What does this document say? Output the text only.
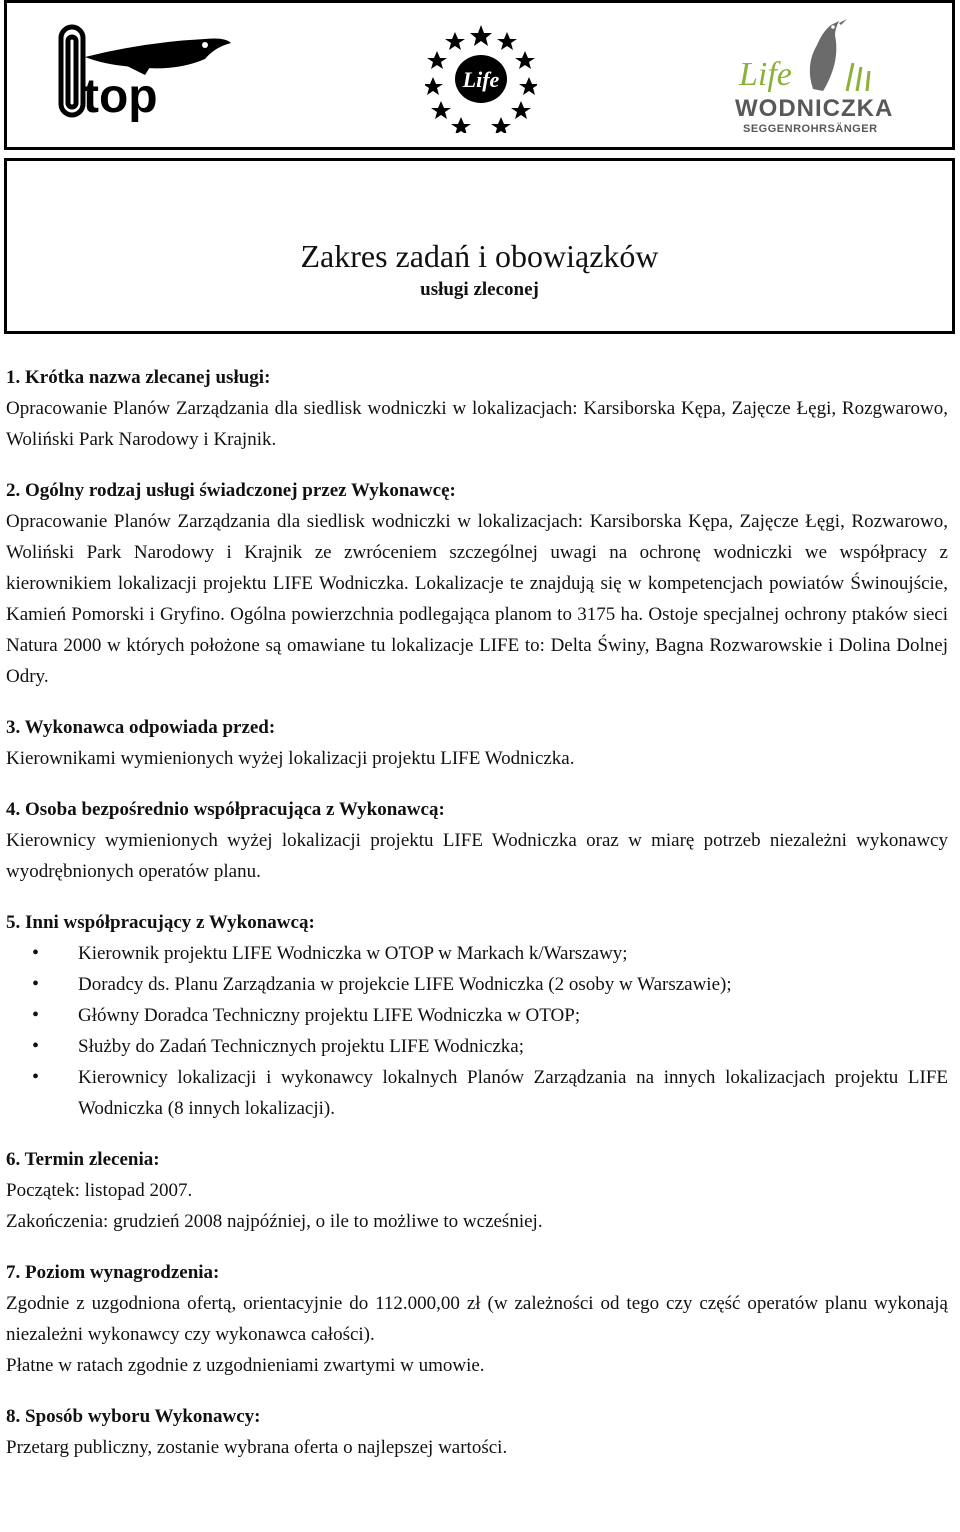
top	Life	Life
WODNICZKA
SEGGENROHRSÄNGER
Zakres zadań i obowiązków
usługi zleconej

1. Krótka nazwa zlecanej usługi:

Opracowanie Planów Zarządzania dla siedlisk wodniczki w lokalizacjach: Karsiborska Kępa, Zajęcze Łęgi, Rozgwarowo, Woliński Park Narodowy i Krajnik.

2. Ogólny rodzaj usługi świadczonej przez Wykonawcę:

Opracowanie Planów Zarządzania dla siedlisk wodniczki w lokalizacjach: Karsiborska Kępa, Zajęcze Łęgi, Rozwarowo, Woliński Park Narodowy i Krajnik ze zwróceniem szczególnej uwagi na ochronę wodniczki we współpracy z kierownikiem lokalizacji projektu LIFE Wodniczka. Lokalizacje te znajdują się w kompetencjach powiatów Świnoujście, Kamień Pomorski i Gryfino. Ogólna powierzchnia podlegająca planom to 3175 ha. Ostoje specjalnej ochrony ptaków sieci Natura 2000 w których położone są omawiane tu lokalizacje LIFE to: Delta Świny, Bagna Rozwarowskie i Dolina Dolnej Odry.

3. Wykonawca odpowiada przed:

Kierownikami wymienionych wyżej lokalizacji projektu LIFE Wodniczka.

4. Osoba bezpośrednio współpracująca z Wykonawcą:

Kierownicy wymienionych wyżej lokalizacji projektu LIFE Wodniczka oraz w miarę potrzeb niezależni wykonawcy wyodrębnionych operatów planu.

5. Inni współpracujący z Wykonawcą:

• Kierownik projektu LIFE Wodniczka w OTOP w Markach k/Warszawy;
• Doradcy ds. Planu Zarządzania w projekcie LIFE Wodniczka (2 osoby w Warszawie);
• Główny Doradca Techniczny projektu LIFE Wodniczka w OTOP;
• Służby do Zadań Technicznych projektu LIFE Wodniczka;
• Kierownicy lokalizacji i wykonawcy lokalnych Planów Zarządzania na innych lokalizacjach projektu LIFE Wodniczka (8 innych lokalizacji).

6. Termin zlecenia:

Początek: listopad 2007.

Zakończenia: grudzień 2008 najpóźniej, o ile to możliwe to wcześniej.

7. Poziom wynagrodzenia:

Zgodnie z uzgodniona ofertą, orientacyjnie do 112.000,00 zł (w zależności od tego czy część operatów planu wykonają niezależni wykonawcy czy wykonawca całości).

Płatne w ratach zgodnie z uzgodnieniami zwartymi w umowie.

8. Sposób wyboru Wykonawcy:

Przetarg publiczny, zostanie wybrana oferta o najlepszej wartości.
